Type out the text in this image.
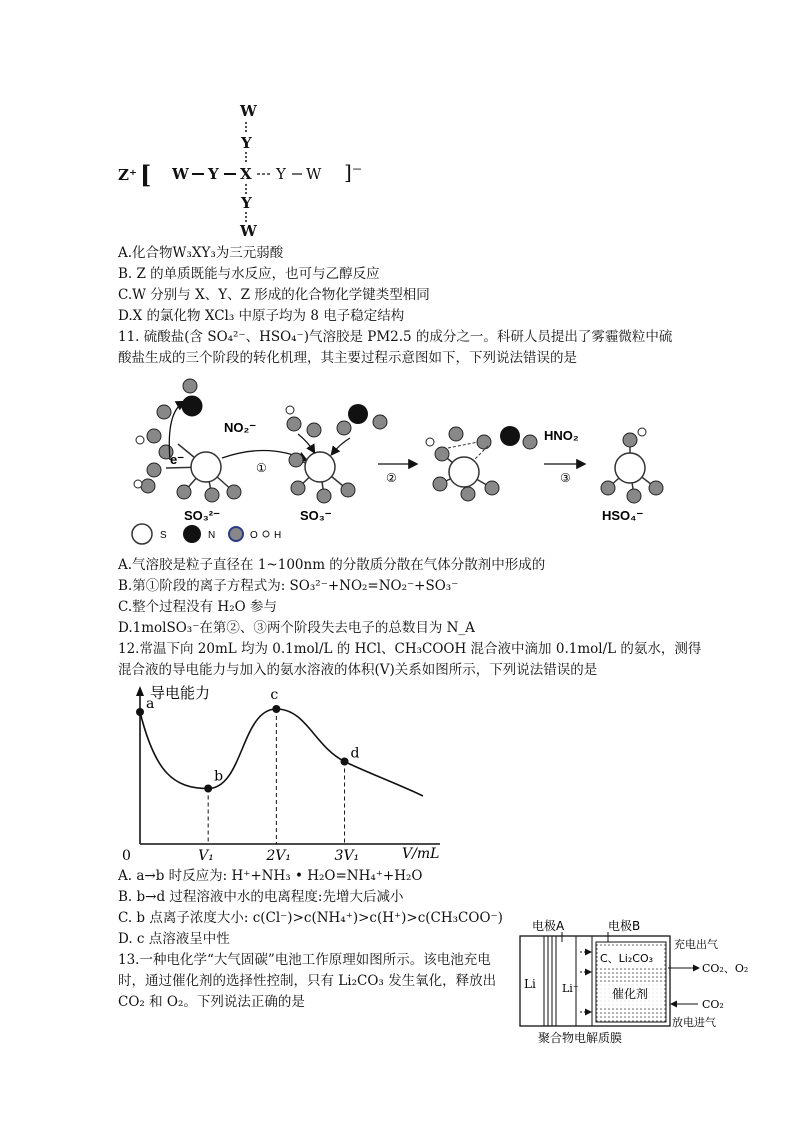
W
Y
X
Y
W
Z⁺ [ W Y	Y W ]⁻
A.化合物W₃XY₃为三元弱酸
B. Z 的单质既能与水反应，也可与乙醇反应
C.W 分别与 X、Y、Z 形成的化合物化学键类型相同
D.X 的氯化物 XCl₃ 中原子均为 8 电子稳定结构
11. 硫酸盐(含 SO₄²⁻、HSO₄⁻)气溶胶是 PM2.5 的成分之一。科研人员提出了雾霾微粒中硫
酸盐生成的三个阶段的转化机理，其主要过程示意图如下，下列说法错误的是
e⁻
NO₂⁻
SO₃²⁻
①
SO₃⁻
②
HNO₂
③
HSO₄⁻
S	N	O H
A.气溶胶是粒子直径在 1~100nm 的分散质分散在气体分散剂中形成的
B.第①阶段的离子方程式为: SO₃²⁻+NO₂=NO₂⁻+SO₃⁻
C.整个过程没有 H₂O 参与
D.1molSO₃⁻在第②、③两个阶段失去电子的总数目为 N_A
12.常温下向 20mL 均为 0.1mol/L 的 HCl、CH₃COOH 混合液中滴加 0.1mol/L 的氨水，测得
混合液的导电能力与加入的氨水溶液的体积(V)关系如图所示，下列说法错误的是
a
b
c
d
0	V₁	2V₁	3V₁
导电能力
V/mL
A. a→b 时反应为: H⁺+NH₃ • H₂O=NH₄⁺+H₂O
B. b→d 过程溶液中水的电离程度:先增大后减小
C. b 点离子浓度大小: c(Cl⁻)>c(NH₄⁺)>c(H⁺)>c(CH₃COO⁻)
D. c 点溶液呈中性
13.一种电化学“大气固碳”电池工作原理如图所示。该电池充电
时，通过催化剂的选择性控制，只有 Li₂CO₃ 发生氧化，释放出
CO₂ 和 O₂。下列说法正确的是
电极A	电极B
Li Li⁺
C、Li₂CO₃
催化剂
充电出气
CO₂、O₂
CO₂
放电进气
聚合物电解质膜
